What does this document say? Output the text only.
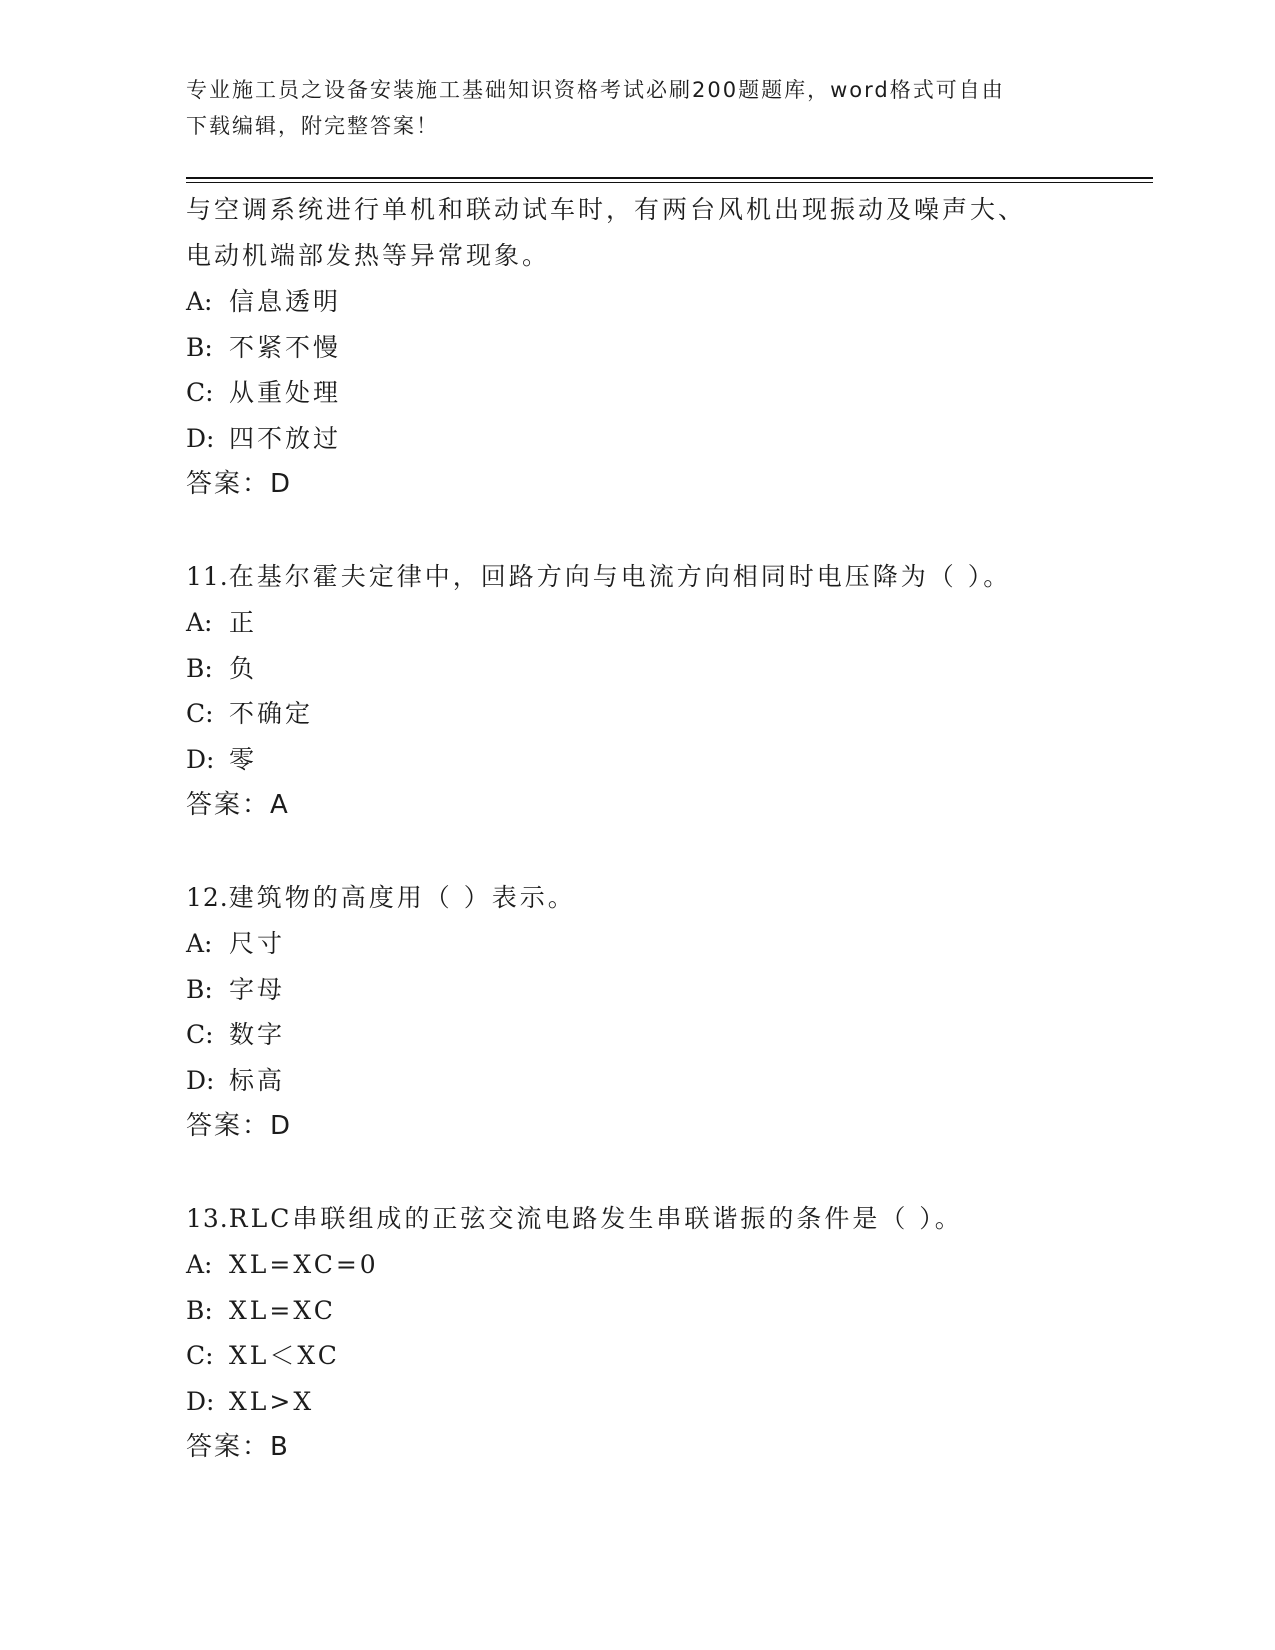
专业施工员之设备安装施工基础知识资格考试必刷200题题库，word格式可自由
下载编辑，附完整答案！
与空调系统进行单机和联动试车时，有两台风机出现振动及噪声大、
电动机端部发热等异常现象。
A: 信息透明
B: 不紧不慢
C: 从重处理
D: 四不放过
答案：D
11.在基尔霍夫定律中，回路方向与电流方向相同时电压降为（ ）。
A: 正
B: 负
C: 不确定
D: 零
答案：A
12.建筑物的高度用（ ）表示。
A: 尺寸
B: 字母
C: 数字
D: 标高
答案：D
13.RLC串联组成的正弦交流电路发生串联谐振的条件是（ ）。
A: XL=XC=0
B: XL=XC
C: XL＜XC
D: XL>X
答案：B
